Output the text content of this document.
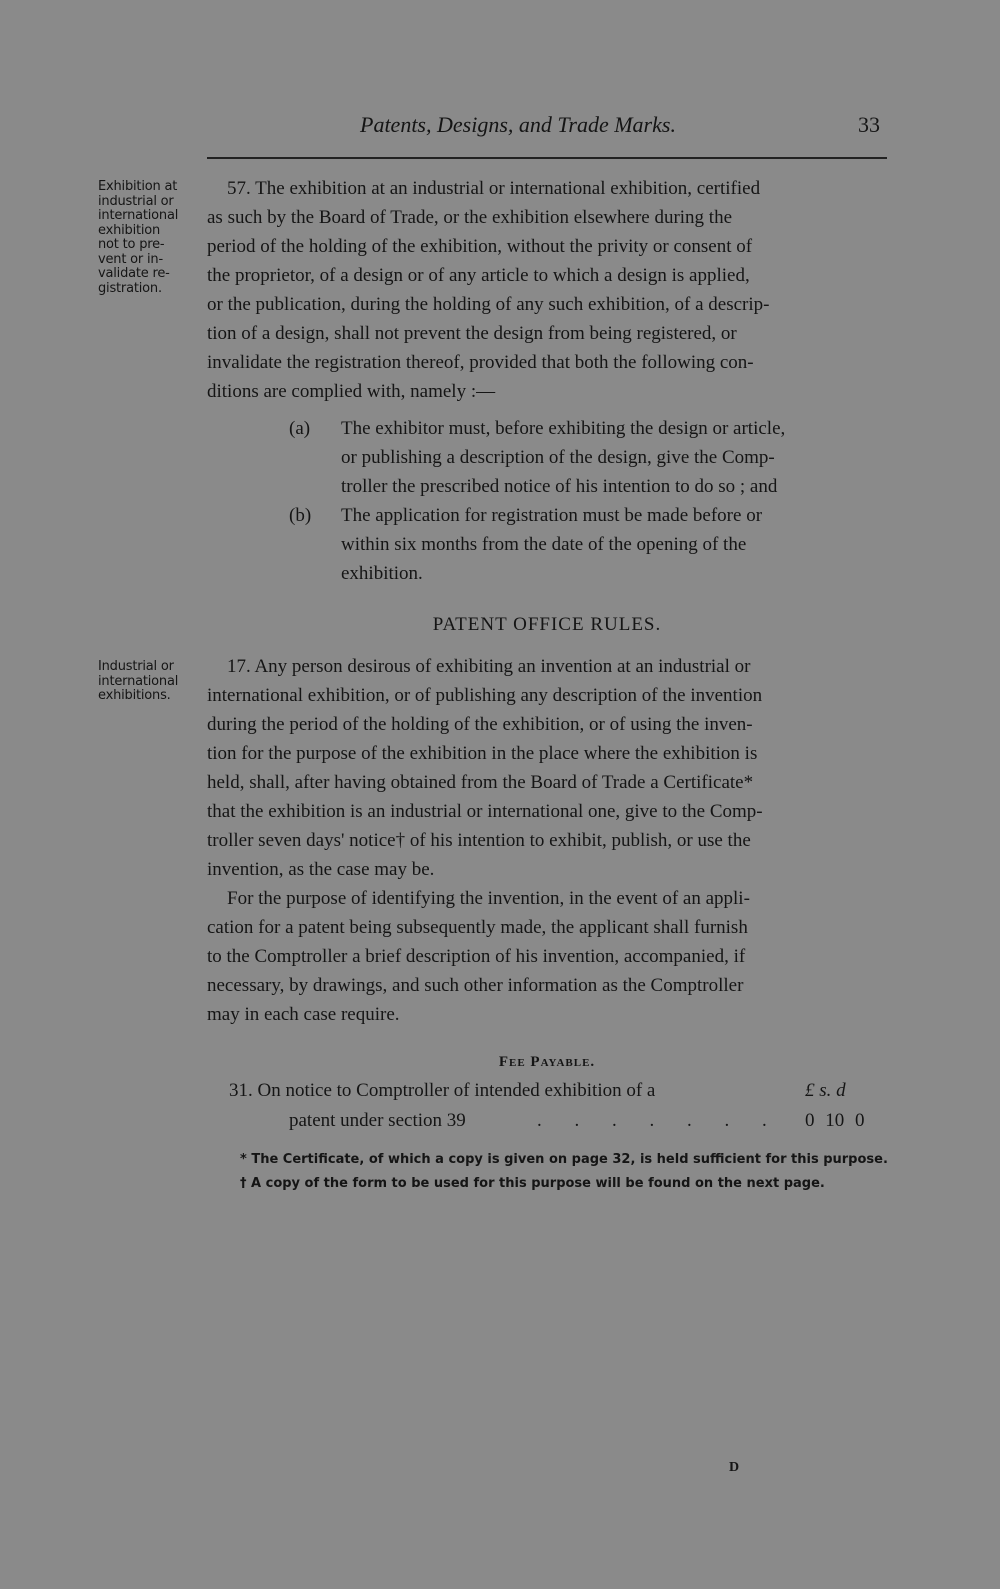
Patents, Designs, and Trade Marks.	33
Exhibition at
industrial or
international
exhibition
not to pre-
vent or in-
validate re-
gistration.
57. The exhibition at an industrial or international exhibition, certified
as such by the Board of Trade, or the exhibition elsewhere during the
period of the holding of the exhibition, without the privity or consent of
the proprietor, of a design or of any article to which a design is applied,
or the publication, during the holding of any such exhibition, of a descrip-
tion of a design, shall not prevent the design from being registered, or
invalidate the registration thereof, provided that both the following con-
ditions are complied with, namely :—
(a) The exhibitor must, before exhibiting the design or article,
or publishing a description of the design, give the Comp-
troller the prescribed notice of his intention to do so ; and
(b) The application for registration must be made before or
within six months from the date of the opening of the
exhibition.
PATENT OFFICE RULES.
Industrial or
international
exhibitions.
17. Any person desirous of exhibiting an invention at an industrial or
international exhibition, or of publishing any description of the invention
during the period of the holding of the exhibition, or of using the inven-
tion for the purpose of the exhibition in the place where the exhibition is
held, shall, after having obtained from the Board of Trade a Certificate*
that the exhibition is an industrial or international one, give to the Comp-
troller seven days' notice† of his intention to exhibit, publish, or use the
invention, as the case may be.
For the purpose of identifying the invention, in the event of an appli-
cation for a patent being subsequently made, the applicant shall furnish
to the Comptroller a brief description of his invention, accompanied, if
necessary, by drawings, and such other information as the Comptroller
may in each case require.
Fee Payable.
31. On notice to Comptroller of intended exhibition of a	£ s. d
patent under section 39	. . . . . . . 0 10 0
* The Certificate, of which a copy is given on page 32, is held sufficient for this purpose.
† A copy of the form to be used for this purpose will be found on the next page.
D
